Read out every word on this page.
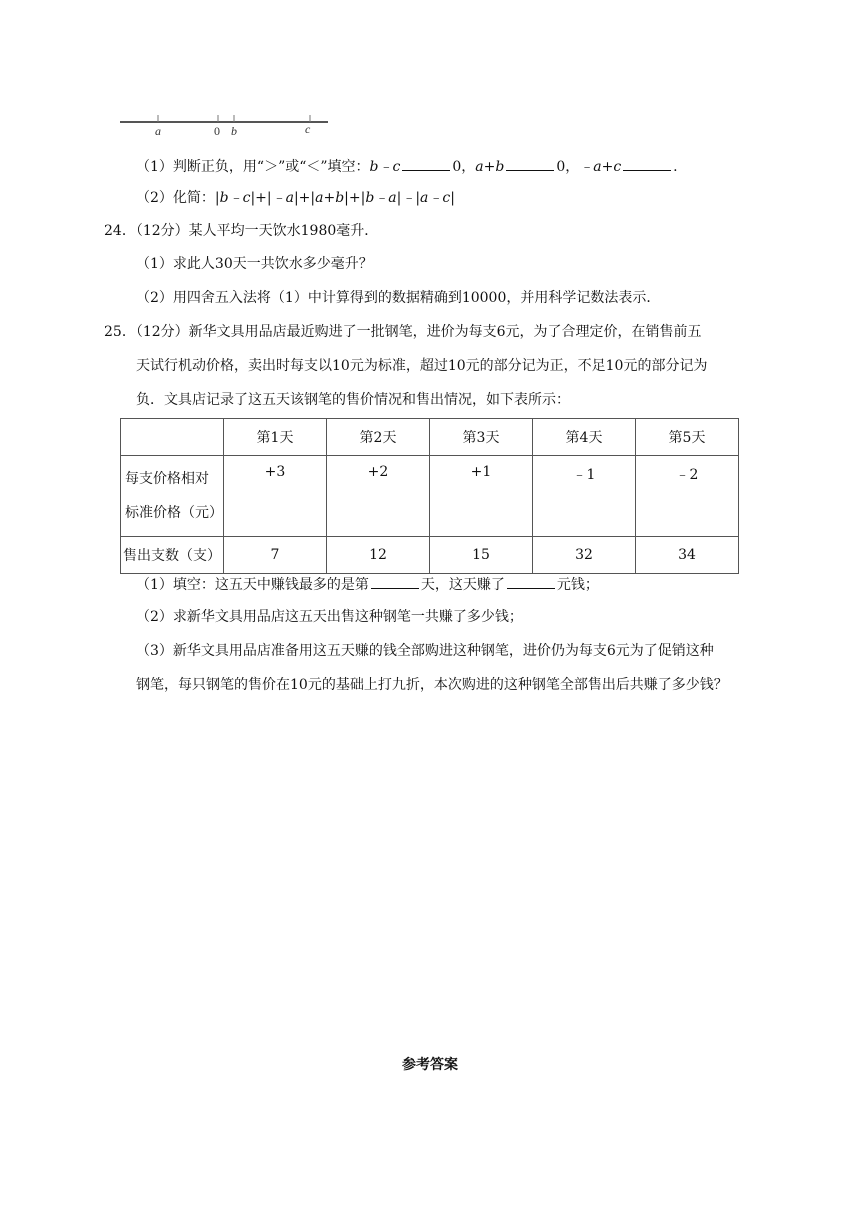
a	0 b	c
（1）判断正负，用“＞”或“＜”填空：b﹣c	0，a+b	0，﹣a+c	.
（2）化简：|b﹣c|+|﹣a|+|a+b|+|b﹣a|﹣|a﹣c|
24．（12分）某人平均一天饮水1980毫升．
（1）求此人30天一共饮水多少毫升？
（2）用四舍五入法将（1）中计算得到的数据精确到10000，并用科学记数法表示．
25．（12分）新华文具用品店最近购进了一批钢笔，进价为每支6元，为了合理定价，在销售前五
天试行机动价格，卖出时每支以10元为标准，超过10元的部分记为正，不足10元的部分记为
负．文具店记录了这五天该钢笔的售价情况和售出情况，如下表所示：
	第1天	第2天	第3天	第4天	第5天
每支价格相对
标准价格（元）	+3	+2	+1	﹣1	﹣2
售出支数（支）	7	12	15	32	34
（1）填空：这五天中赚钱最多的是第	天，这天赚了	元钱；
（2）求新华文具用品店这五天出售这种钢笔一共赚了多少钱；
（3）新华文具用品店准备用这五天赚的钱全部购进这种钢笔，进价仍为每支6元为了促销这种
钢笔，每只钢笔的售价在10元的基础上打九折，本次购进的这种钢笔全部售出后共赚了多少钱？
参考答案
